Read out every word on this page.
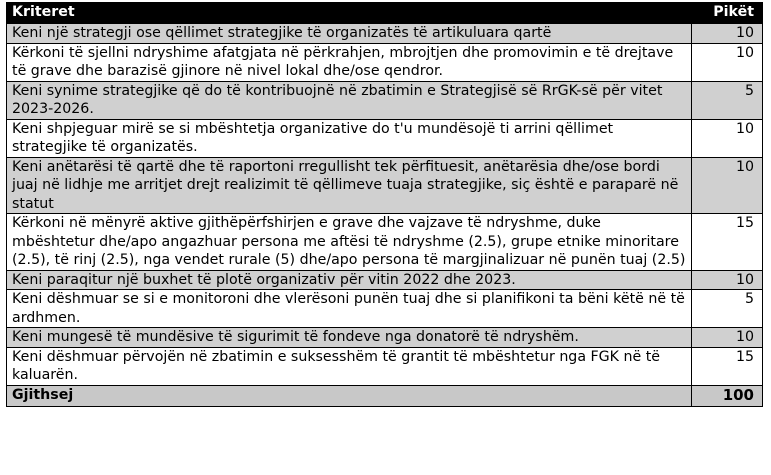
Kriteret	Pikët
Keni një strategji ose qëllimet strategjike të organizatës të artikuluara qartë	10
Kërkoni të sjellni ndryshime afatgjata në përkrahjen, mbrojtjen dhe promovimin e të drejtave të grave dhe barazisë gjinore në nivel lokal dhe/ose qendror.	10
Keni synime strategjike që do të kontribuojnë në zbatimin e Strategjisë së RrGK-së për vitet 2023-2026.	5
Keni shpjeguar mirë se si mbështetja organizative do t'u mundësojë ti arrini qëllimet strategjike të organizatës.	10
Keni anëtarësi të qartë dhe të raportoni rregullisht tek përfituesit, anëtarësia dhe/ose bordi juaj në lidhje me arritjet drejt realizimit të qëllimeve tuaja strategjike, siç është e paraparë në statut	10
Kërkoni në mënyrë aktive gjithëpërfshirjen e grave dhe vajzave të ndryshme, duke mbështetur dhe/apo angazhuar persona me aftësi të ndryshme (2.5), grupe etnike minoritare (2.5), të rinj (2.5), nga vendet rurale (5) dhe/apo persona të margjinalizuar në punën tuaj (2.5)	15
Keni paraqitur një buxhet të plotë organizativ për vitin 2022 dhe 2023.	10
Keni dëshmuar se si e monitoroni dhe vlerësoni punën tuaj dhe si planifikoni ta bëni këtë në të ardhmen.	5
Keni mungesë të mundësive të sigurimit të fondeve nga donatorë të ndryshëm.	10
Keni dëshmuar përvojën në zbatimin e suksesshëm të grantit të mbështetur nga FGK në të kaluarën.	15
Gjithsej	100
